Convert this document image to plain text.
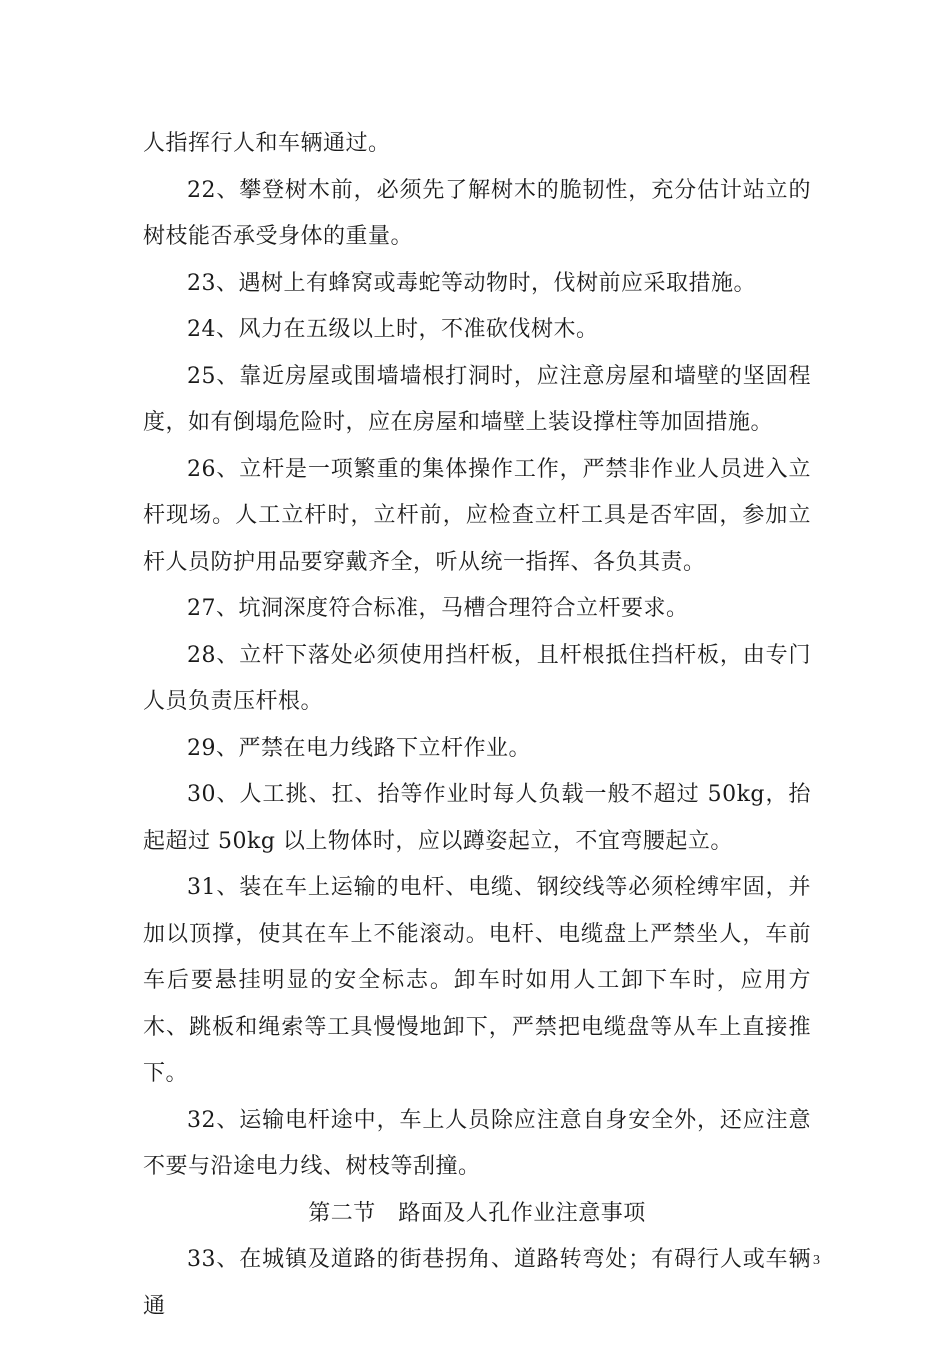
人指挥行人和车辆通过。

22、攀登树木前，必须先了解树木的脆韧性，充分估计站立的树枝能否承受身体的重量。

23、遇树上有蜂窝或毒蛇等动物时，伐树前应采取措施。

24、风力在五级以上时，不准砍伐树木。

25、靠近房屋或围墙墙根打洞时，应注意房屋和墙壁的坚固程度，如有倒塌危险时，应在房屋和墙壁上装设撑柱等加固措施。

26、立杆是一项繁重的集体操作工作，严禁非作业人员进入立杆现场。人工立杆时，立杆前，应检查立杆工具是否牢固，参加立杆人员防护用品要穿戴齐全，听从统一指挥、各负其责。

27、坑洞深度符合标准，马槽合理符合立杆要求。

28、立杆下落处必须使用挡杆板，且杆根抵住挡杆板，由专门人员负责压杆根。

29、严禁在电力线路下立杆作业。

30、人工挑、扛、抬等作业时每人负载一般不超过 50kg，抬起超过 50kg 以上物体时，应以蹲姿起立，不宜弯腰起立。

31、装在车上运输的电杆、电缆、钢绞线等必须栓缚牢固，并加以顶撑，使其在车上不能滚动。电杆、电缆盘上严禁坐人，车前车后要悬挂明显的安全标志。卸车时如用人工卸下车时，应用方木、跳板和绳索等工具慢慢地卸下，严禁把电缆盘等从车上直接推下。

32、运输电杆途中，车上人员除应注意自身安全外，还应注意不要与沿途电力线、树枝等刮撞。

第二节　路面及人孔作业注意事项

33、在城镇及道路的街巷拐角、道路转弯处；有碍行人或车辆通

3
